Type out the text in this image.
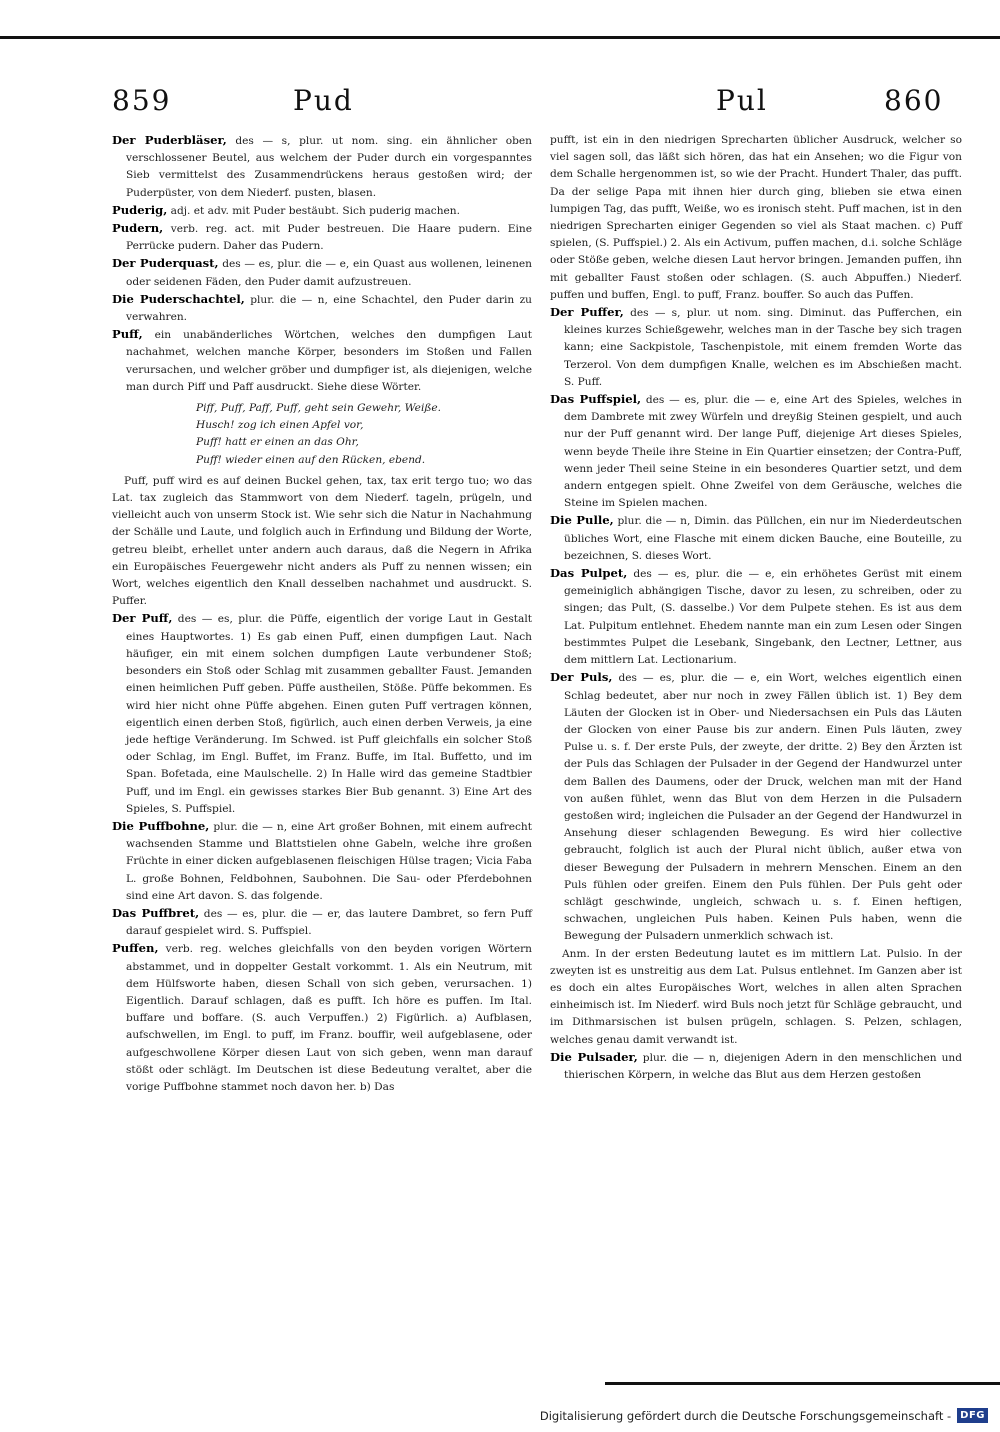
859	Pud	Pul	860

Der Puderbläser, des — s, plur. ut nom. sing. ein ähnlicher oben verschlossener Beutel, aus welchem der Puder durch ein vorgespanntes Sieb vermittelst des Zusammendrückens heraus gestoßen wird; der Puderpüster, von dem Niederf. pusten, blasen.

Puderig, adj. et adv. mit Puder bestäubt. Sich puderig machen.

Pudern, verb. reg. act. mit Puder bestreuen. Die Haare pudern. Eine Perrücke pudern. Daher das Pudern.

Der Puderquast, des — es, plur. die — e, ein Quast aus wollenen, leinenen oder seidenen Fäden, den Puder damit aufzustreuen.

Die Puderschachtel, plur. die — n, eine Schachtel, den Puder darin zu verwahren.

Puff, ein unabänderliches Wörtchen, welches den dumpfigen Laut nachahmet, welchen manche Körper, besonders im Stoßen und Fallen verursachen, und welcher gröber und dumpfiger ist, als diejenigen, welche man durch Piff und Paff ausdruckt. Siehe diese Wörter.

Piff, Puff, Paff, Puff, geht sein Gewehr, Weiße.
Husch! zog ich einen Apfel vor,
Puff! hatt er einen an das Ohr,
Puff! wieder einen auf den Rücken, ebend.

Puff, puff wird es auf deinen Buckel gehen, tax, tax erit tergo tuo; wo das Lat. tax zugleich das Stammwort von dem Niederf. tageln, prügeln, und vielleicht auch von unserm Stock ist. Wie sehr sich die Natur in Nachahmung der Schälle und Laute, und folglich auch in Erfindung und Bildung der Worte, getreu bleibt, erhellet unter andern auch daraus, daß die Negern in Afrika ein Europäisches Feuergewehr nicht anders als Puff zu nennen wissen; ein Wort, welches eigentlich den Knall desselben nachahmet und ausdruckt. S. Puffer.

Der Puff, des — es, plur. die Püffe, eigentlich der vorige Laut in Gestalt eines Hauptwortes. 1) Es gab einen Puff, einen dumpfigen Laut. Nach häufiger, ein mit einem solchen dumpfigen Laute verbundener Stoß; besonders ein Stoß oder Schlag mit zusammen geballter Faust. Jemanden einen heimlichen Puff geben. Püffe austheilen, Stöße. Püffe bekommen. Es wird hier nicht ohne Püffe abgehen. Einen guten Puff vertragen können, eigentlich einen derben Stoß, figürlich, auch einen derben Verweis, ja eine jede heftige Veränderung. Im Schwed. ist Puff gleichfalls ein solcher Stoß oder Schlag, im Engl. Buffet, im Franz. Buffe, im Ital. Buffetto, und im Span. Bofetada, eine Maulschelle. 2) In Halle wird das gemeine Stadtbier Puff, und im Engl. ein gewisses starkes Bier Bub genannt. 3) Eine Art des Spieles, S. Puffspiel.

Die Puffbohne, plur. die — n, eine Art großer Bohnen, mit einem aufrecht wachsenden Stamme und Blattstielen ohne Gabeln, welche ihre großen Früchte in einer dicken aufgeblasenen fleischigen Hülse tragen; Vicia Faba L. große Bohnen, Feldbohnen, Saubohnen. Die Sau- oder Pferdebohnen sind eine Art davon. S. das folgende.

Das Puffbret, des — es, plur. die — er, das lautere Dambret, so fern Puff darauf gespielet wird. S. Puffspiel.

Puffen, verb. reg. welches gleichfalls von den beyden vorigen Wörtern abstammet, und in doppelter Gestalt vorkommt. 1. Als ein Neutrum, mit dem Hülfsworte haben, diesen Schall von sich geben, verursachen. 1) Eigentlich. Darauf schlagen, daß es pufft. Ich höre es puffen. Im Ital. buffare und boffare. (S. auch Verpuffen.) 2) Figürlich. a) Aufblasen, aufschwellen, im Engl. to puff, im Franz. bouffir, weil aufgeblasene, oder aufgeschwollene Körper diesen Laut von sich geben, wenn man darauf stößt oder schlägt. Im Deutschen ist diese Bedeutung veraltet, aber die vorige Puffbohne stammet noch davon her. b) Das

pufft, ist ein in den niedrigen Sprecharten üblicher Ausdruck, welcher so viel sagen soll, das läßt sich hören, das hat ein Ansehen; wo die Figur von dem Schalle hergenommen ist, so wie der Pracht. Hundert Thaler, das pufft. Da der selige Papa mit ihnen hier durch ging, blieben sie etwa einen lumpigen Tag, das pufft, Weiße, wo es ironisch steht. Puff machen, ist in den niedrigen Sprecharten einiger Gegenden so viel als Staat machen. c) Puff spielen, (S. Puffspiel.) 2. Als ein Activum, puffen machen, d.i. solche Schläge oder Stöße geben, welche diesen Laut hervor bringen. Jemanden puffen, ihn mit geballter Faust stoßen oder schlagen. (S. auch Abpuffen.) Niederf. puffen und buffen, Engl. to puff, Franz. bouffer. So auch das Puffen.

Der Puffer, des — s, plur. ut nom. sing. Diminut. das Pufferchen, ein kleines kurzes Schießgewehr, welches man in der Tasche bey sich tragen kann; eine Sackpistole, Taschenpistole, mit einem fremden Worte das Terzerol. Von dem dumpfigen Knalle, welchen es im Abschießen macht. S. Puff.

Das Puffspiel, des — es, plur. die — e, eine Art des Spieles, welches in dem Dambrete mit zwey Würfeln und dreyßig Steinen gespielt, und auch nur der Puff genannt wird. Der lange Puff, diejenige Art dieses Spieles, wenn beyde Theile ihre Steine in Ein Quartier einsetzen; der Contra-Puff, wenn jeder Theil seine Steine in ein besonderes Quartier setzt, und dem andern entgegen spielt. Ohne Zweifel von dem Geräusche, welches die Steine im Spielen machen.

Die Pulle, plur. die — n, Dimin. das Püllchen, ein nur im Niederdeutschen übliches Wort, eine Flasche mit einem dicken Bauche, eine Bouteille, zu bezeichnen, S. dieses Wort.

Das Pulpet, des — es, plur. die — e, ein erhöhetes Gerüst mit einem gemeiniglich abhängigen Tische, davor zu lesen, zu schreiben, oder zu singen; das Pult, (S. dasselbe.) Vor dem Pulpete stehen. Es ist aus dem Lat. Pulpitum entlehnet. Ehedem nannte man ein zum Lesen oder Singen bestimmtes Pulpet die Lesebank, Singebank, den Lectner, Lettner, aus dem mittlern Lat. Lectionarium.

Der Puls, des — es, plur. die — e, ein Wort, welches eigentlich einen Schlag bedeutet, aber nur noch in zwey Fällen üblich ist. 1) Bey dem Läuten der Glocken ist in Ober- und Niedersachsen ein Puls das Läuten der Glocken von einer Pause bis zur andern. Einen Puls läuten, zwey Pulse u. s. f. Der erste Puls, der zweyte, der dritte. 2) Bey den Ärzten ist der Puls das Schlagen der Pulsader in der Gegend der Handwurzel unter dem Ballen des Daumens, oder der Druck, welchen man mit der Hand von außen fühlet, wenn das Blut von dem Herzen in die Pulsadern gestoßen wird; ingleichen die Pulsader an der Gegend der Handwurzel in Ansehung dieser schlagenden Bewegung. Es wird hier collective gebraucht, folglich ist auch der Plural nicht üblich, außer etwa von dieser Bewegung der Pulsadern in mehrern Menschen. Einem an den Puls fühlen oder greifen. Einem den Puls fühlen. Der Puls geht oder schlägt geschwinde, ungleich, schwach u. s. f. Einen heftigen, schwachen, ungleichen Puls haben. Keinen Puls haben, wenn die Bewegung der Pulsadern unmerklich schwach ist.

Anm. In der ersten Bedeutung lautet es im mittlern Lat. Pulsio. In der zweyten ist es unstreitig aus dem Lat. Pulsus entlehnet. Im Ganzen aber ist es doch ein altes Europäisches Wort, welches in allen alten Sprachen einheimisch ist. Im Niederf. wird Buls noch jetzt für Schläge gebraucht, und im Dithmarsischen ist bulsen prügeln, schlagen. S. Pelzen, schlagen, welches genau damit verwandt ist.

Die Pulsader, plur. die — n, diejenigen Adern in den menschlichen und thierischen Körpern, in welche das Blut aus dem Herzen gestoßen

Digitalisierung gefördert durch die Deutsche Forschungsgemeinschaft - DFG
